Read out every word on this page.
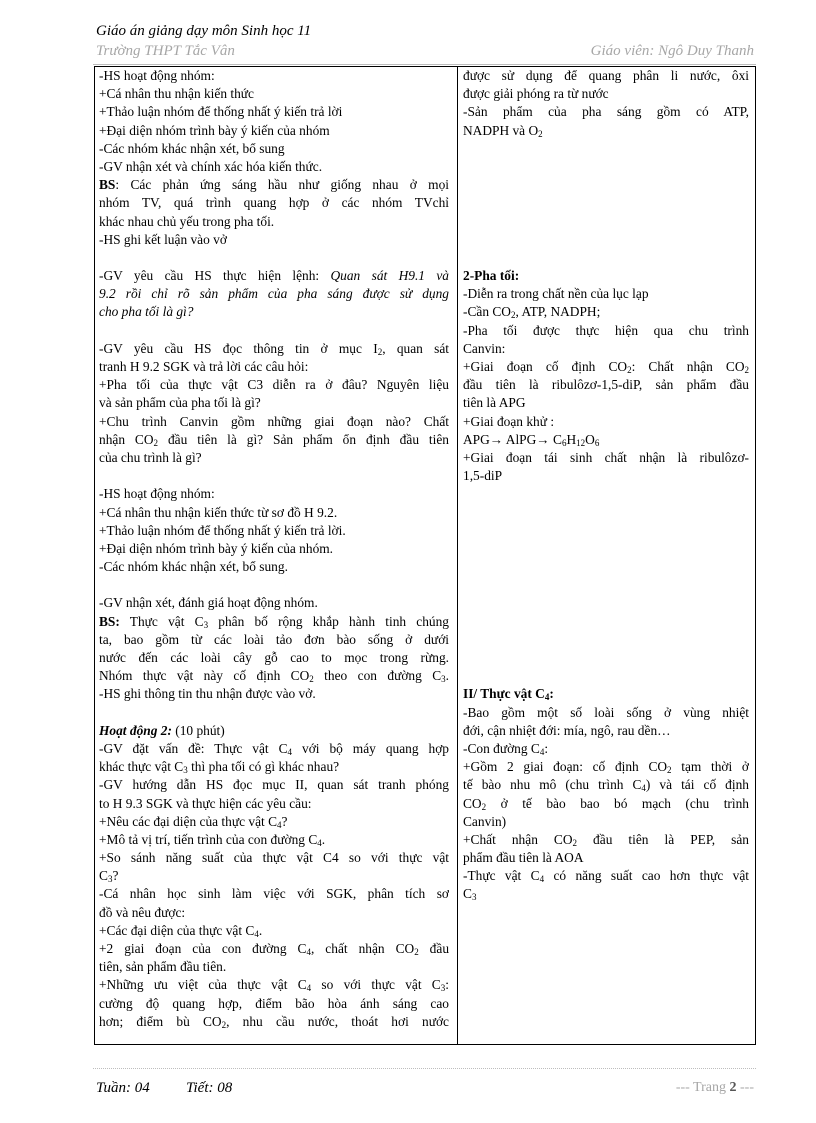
Giáo án giảng dạy môn Sinh học 11
Trường THPT Tắc Vân	Giáo viên: Ngô Duy Thanh
-HS hoạt động nhóm:
+Cá nhân thu nhận kiến thức
+Thảo luận nhóm để thống nhất ý kiến trả lời
+Đại diện nhóm trình bày ý kiến của nhóm
-Các nhóm khác nhận xét, bổ sung
-GV nhận xét và chính xác hóa kiến thức.
BS: Các phản ứng sáng hầu như giống nhau ở mọi
nhóm TV, quá trình quang hợp ở các nhóm TVchỉ
khác nhau chủ yếu trong pha tối.
-HS ghi kết luận vào vở
-GV yêu cầu HS thực hiện lệnh: Quan sát H9.1 và
9.2 rồi chỉ rõ sản phẩm của pha sáng được sử dụng
cho pha tối là gì?
-GV yêu cầu HS đọc thông tin ở mục $I_2$, quan sát
tranh H 9.2 SGK và trả lời các câu hỏi:
+Pha tối của thực vật C3 diễn ra ở đâu? Nguyên liệu
và sản phẩm của pha tối là gì?
+Chu trình Canvin gồm những giai đoạn nào? Chất
nhận $CO_2$ đầu tiên là gì? Sản phẩm ổn định đầu tiên
của chu trình là gì?
-HS hoạt động nhóm:
+Cá nhân thu nhận kiến thức từ sơ đồ H 9.2.
+Thảo luận nhóm để thống nhất ý kiến trả lời.
+Đại diện nhóm trình bày ý kiến của nhóm.
-Các nhóm khác nhận xét, bổ sung.
-GV nhận xét, đánh giá hoạt động nhóm.
BS: Thực vật $C_3$ phân bố rộng khắp hành tinh chúng
ta, bao gồm từ các loài tảo đơn bào sống ở dưới
nước đến các loài cây gỗ cao to mọc trong rừng.
Nhóm thực vật này cố định $CO_2$ theo con đường $C_3$.
-HS ghi thông tin thu nhận được vào vở.
Hoạt động 2: (10 phút)
-GV đặt vấn đề: Thực vật $C_4$ với bộ máy quang hợp
khác thực vật $C_3$ thì pha tối có gì khác nhau?
-GV hướng dẫn HS đọc mục II, quan sát tranh phóng
to H 9.3 SGK và thực hiện các yêu cầu:
+Nêu các đại diện của thực vật $C_4$?
+Mô tả vị trí, tiến trình của con đường $C_4$.
+So sánh năng suất của thực vật C4 so với thực vật
$C_3$?
-Cá nhân học sinh làm việc với SGK, phân tích sơ
đồ và nêu được:
+Các đại diện của thực vật $C_4$.
+2 giai đoạn của con đường $C_4$, chất nhận $CO_2$ đầu
tiên, sản phẩm đầu tiên.
+Những ưu việt của thực vật $C_4$ so với thực vật $C_3$:
cường độ quang hợp, điểm bão hòa ánh sáng cao
hơn; điểm bù $CO_2$, nhu cầu nước, thoát hơi nước
được sử dụng để quang phân li nước, ôxi
được giải phóng ra từ nước
-Sản phẩm của pha sáng gồm có ATP,
NADPH và $O_2$
2-Pha tối:
-Diễn ra trong chất nền của lục lạp
-Cần $CO_2$, ATP, NADPH;
-Pha tối được thực hiện qua chu trình
Canvin:
+Giai đoạn cố định $CO_2$: Chất nhận $CO_2$
đầu tiên là ribulôzơ-1,5-diP, sản phẩm đầu
tiên là APG
+Giai đoạn khử :
APG→ AlPG→ $C_6H_{12}O_6$
+Giai đoạn tái sinh chất nhận là ribulôzơ-
1,5-diP
II/ Thực vật $C_4$:
-Bao gồm một số loài sống ở vùng nhiệt
đới, cận nhiệt đới: mía, ngô, rau dền…
-Con đường $C_4$:
+Gồm 2 giai đoạn: cố định $CO_2$ tạm thời ở
tế bào nhu mô (chu trình $C_4$) và tái cố định
$CO_2$ ở tế bào bao bó mạch (chu trình
Canvin)
+Chất nhận $CO_2$ đầu tiên là PEP, sản
phẩm đầu tiên là AOA
-Thực vật $C_4$ có năng suất cao hơn thực vật
$C_3$
Tuần: 04 Tiết: 08	--- Trang 2 ---
